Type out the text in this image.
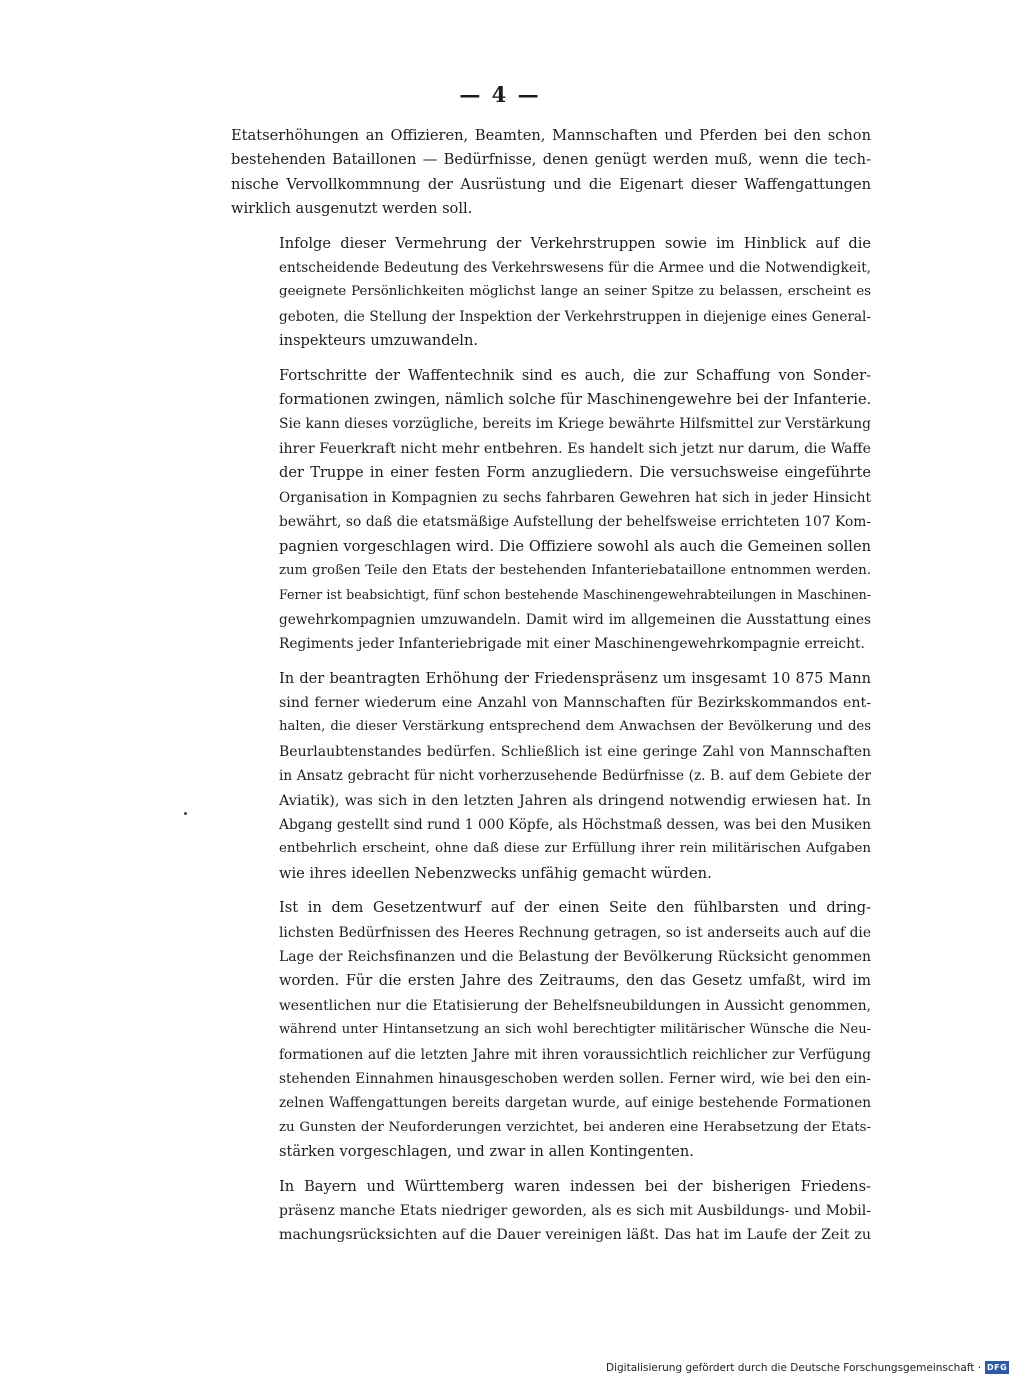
— 4 —
Etatserhöhungen an Offizieren, Beamten, Mannschaften und Pferden bei den schon
bestehenden Bataillonen — Bedürfnisse, denen genügt werden muß, wenn die tech-
nische Vervollkommnung der Ausrüstung und die Eigenart dieser Waffengattungen
wirklich ausgenutzt werden soll.
Infolge dieser Vermehrung der Verkehrstruppen sowie im Hinblick auf die
entscheidende Bedeutung des Verkehrswesens für die Armee und die Notwendigkeit,
geeignete Persönlichkeiten möglichst lange an seiner Spitze zu belassen, erscheint es
geboten, die Stellung der Inspektion der Verkehrstruppen in diejenige eines General-
inspekteurs umzuwandeln.
Fortschritte der Waffentechnik sind es auch, die zur Schaffung von Sonder-
formationen zwingen, nämlich solche für Maschinengewehre bei der Infanterie.
Sie kann dieses vorzügliche, bereits im Kriege bewährte Hilfsmittel zur Verstärkung
ihrer Feuerkraft nicht mehr entbehren. Es handelt sich jetzt nur darum, die Waffe
der Truppe in einer festen Form anzugliedern. Die versuchsweise eingeführte
Organisation in Kompagnien zu sechs fahrbaren Gewehren hat sich in jeder Hinsicht
bewährt, so daß die etatsmäßige Aufstellung der behelfsweise errichteten 107 Kom-
pagnien vorgeschlagen wird. Die Offiziere sowohl als auch die Gemeinen sollen
zum großen Teile den Etats der bestehenden Infanteriebataillone entnommen werden.
Ferner ist beabsichtigt, fünf schon bestehende Maschinengewehrabteilungen in Maschinen-
gewehrkompagnien umzuwandeln. Damit wird im allgemeinen die Ausstattung eines
Regiments jeder Infanteriebrigade mit einer Maschinengewehrkompagnie erreicht.
In der beantragten Erhöhung der Friedenspräsenz um insgesamt 10 875 Mann
sind ferner wiederum eine Anzahl von Mannschaften für Bezirkskommandos ent-
halten, die dieser Verstärkung entsprechend dem Anwachsen der Bevölkerung und des
Beurlaubtenstandes bedürfen. Schließlich ist eine geringe Zahl von Mannschaften
in Ansatz gebracht für nicht vorherzusehende Bedürfnisse (z. B. auf dem Gebiete der
Aviatik), was sich in den letzten Jahren als dringend notwendig erwiesen hat. In
Abgang gestellt sind rund 1 000 Köpfe, als Höchstmaß dessen, was bei den Musiken
entbehrlich erscheint, ohne daß diese zur Erfüllung ihrer rein militärischen Aufgaben
wie ihres ideellen Nebenzwecks unfähig gemacht würden.
Ist in dem Gesetzentwurf auf der einen Seite den fühlbarsten und dring-
lichsten Bedürfnissen des Heeres Rechnung getragen, so ist anderseits auch auf die
Lage der Reichsfinanzen und die Belastung der Bevölkerung Rücksicht genommen
worden. Für die ersten Jahre des Zeitraums, den das Gesetz umfaßt, wird im
wesentlichen nur die Etatisierung der Behelfsneubildungen in Aussicht genommen,
während unter Hintansetzung an sich wohl berechtigter militärischer Wünsche die Neu-
formationen auf die letzten Jahre mit ihren voraussichtlich reichlicher zur Verfügung
stehenden Einnahmen hinausgeschoben werden sollen. Ferner wird, wie bei den ein-
zelnen Waffengattungen bereits dargetan wurde, auf einige bestehende Formationen
zu Gunsten der Neuforderungen verzichtet, bei anderen eine Herabsetzung der Etats-
stärken vorgeschlagen, und zwar in allen Kontingenten.
In Bayern und Württemberg waren indessen bei der bisherigen Friedens-
präsenz manche Etats niedriger geworden, als es sich mit Ausbildungs- und Mobil-
machungsrücksichten auf die Dauer vereinigen läßt. Das hat im Laufe der Zeit zu
Digitalisierung gefördert durch die Deutsche Forschungsgemeinschaft · DFG
